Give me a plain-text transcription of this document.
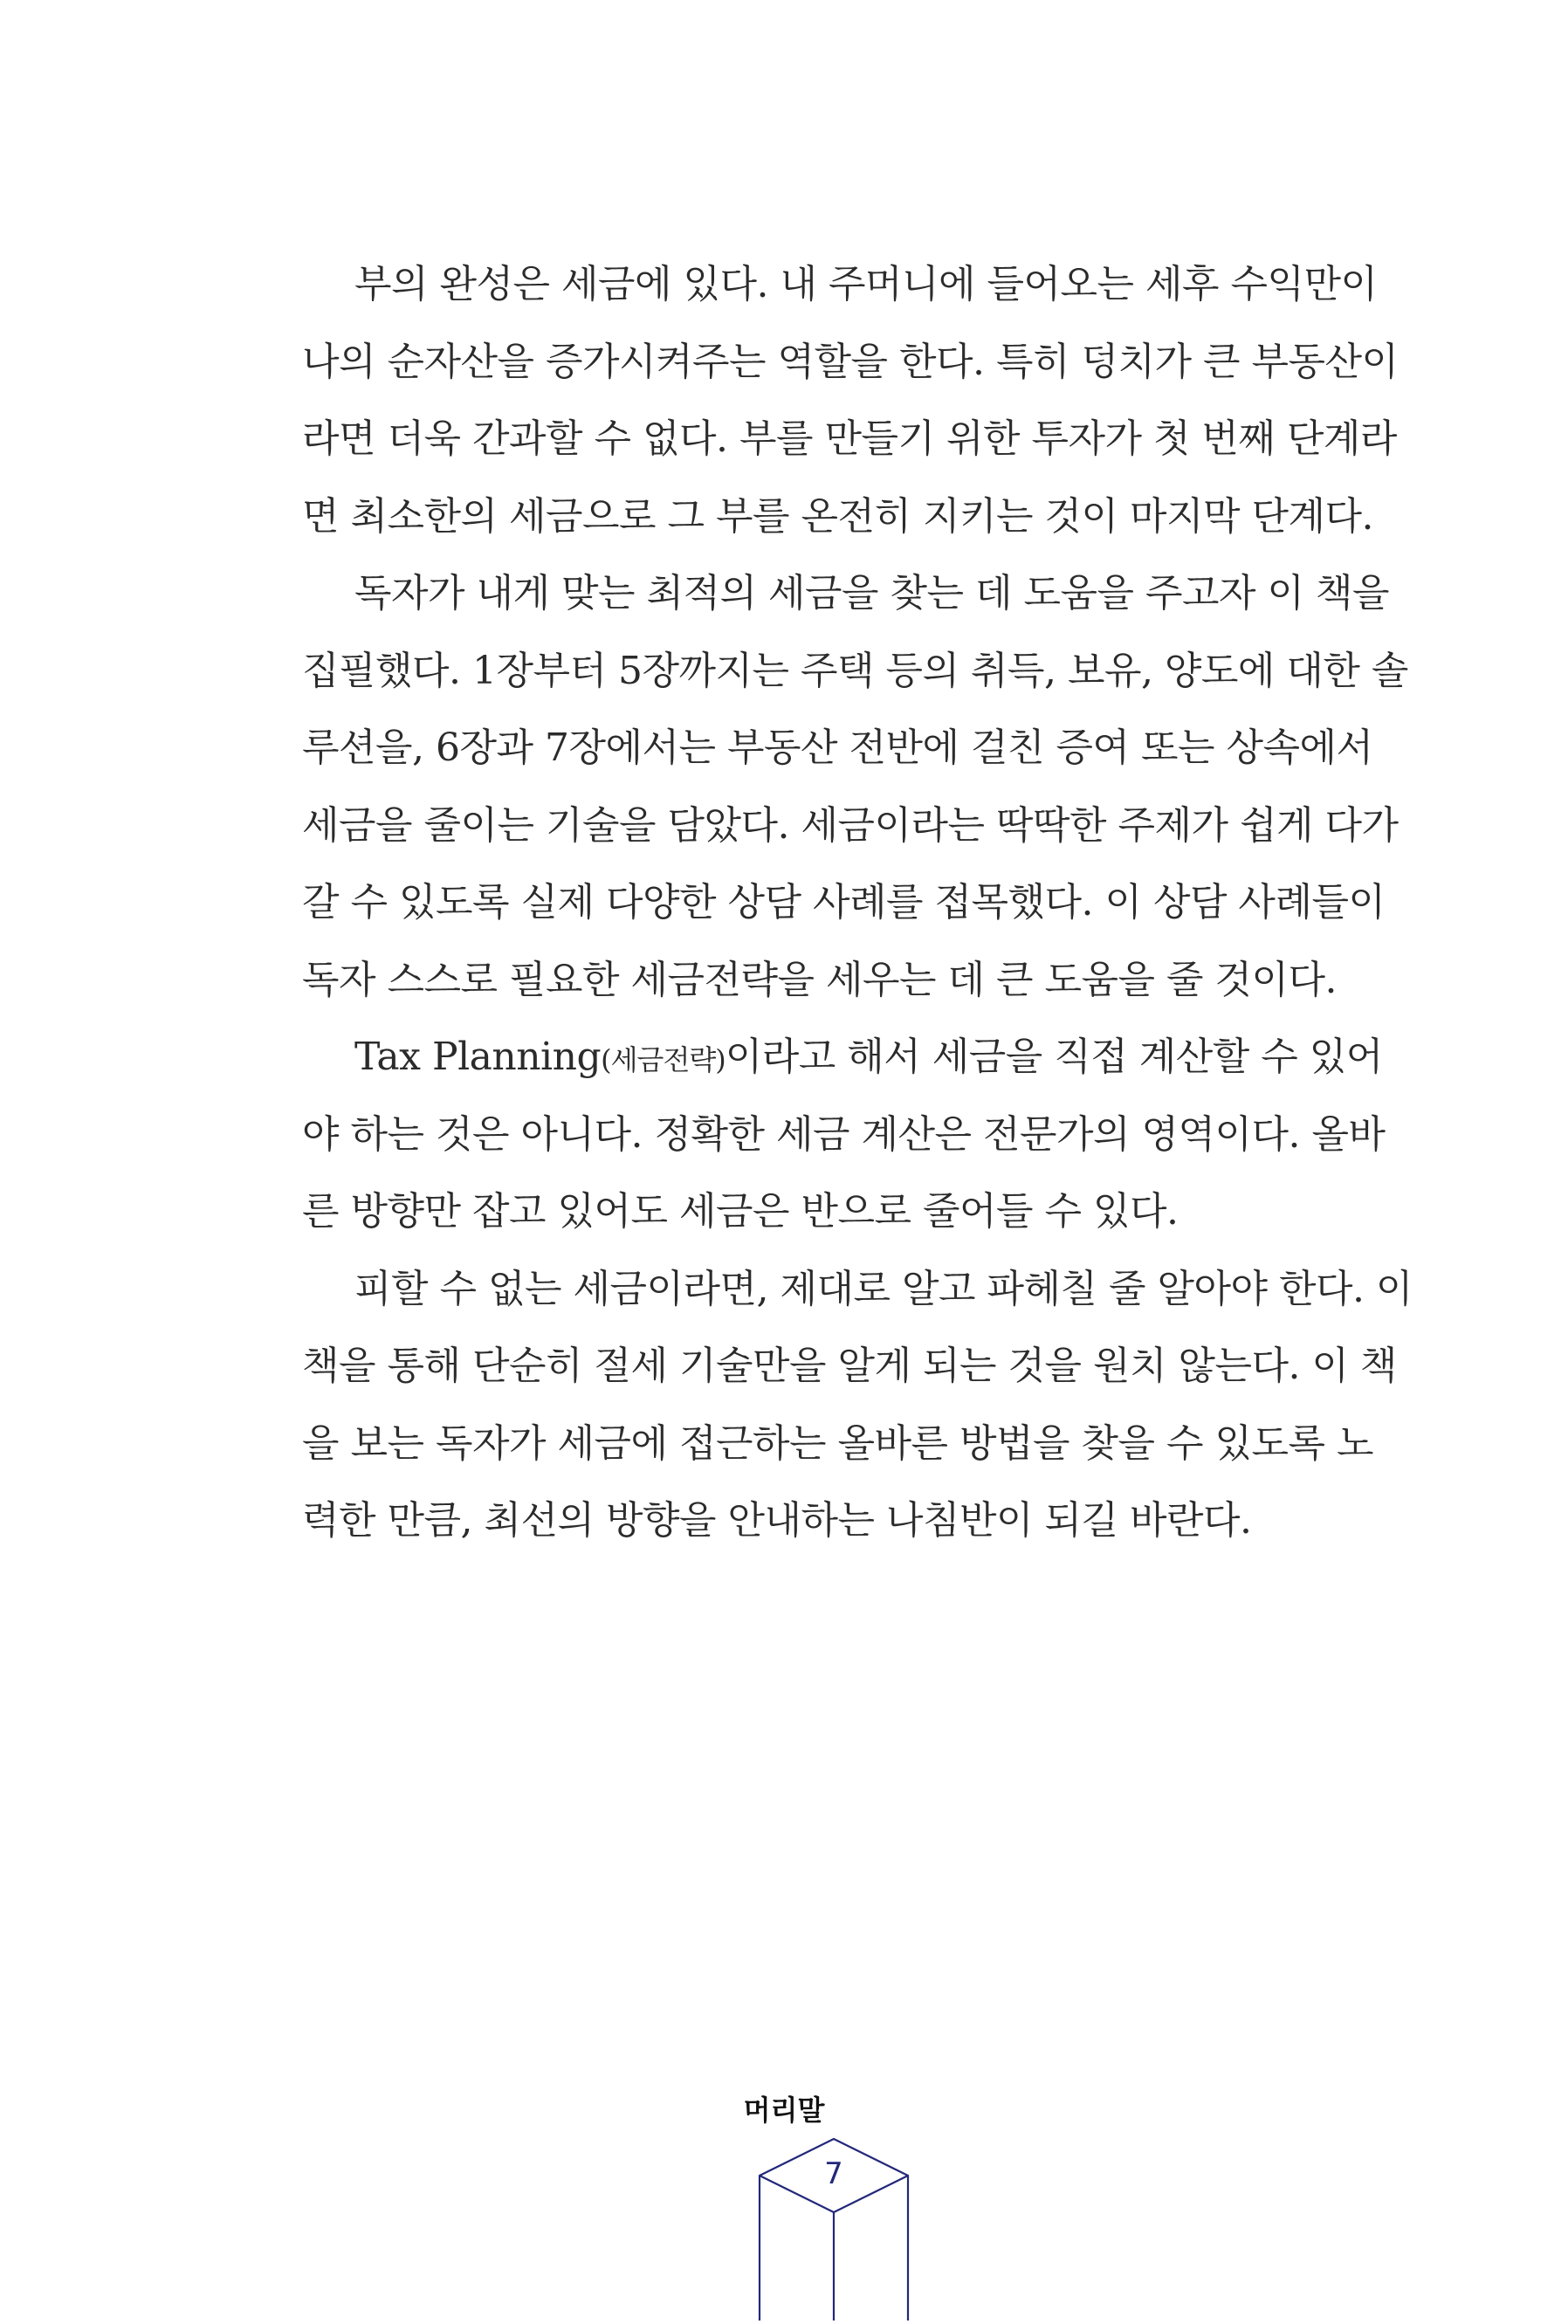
부의 완성은 세금에 있다. 내 주머니에 들어오는 세후 수익만이
나의 순자산을 증가시켜주는 역할을 한다. 특히 덩치가 큰 부동산이
라면 더욱 간과할 수 없다. 부를 만들기 위한 투자가 첫 번째 단계라
면 최소한의 세금으로 그 부를 온전히 지키는 것이 마지막 단계다.
독자가 내게 맞는 최적의 세금을 찾는 데 도움을 주고자 이 책을
집필했다. 1장부터 5장까지는 주택 등의 취득, 보유, 양도에 대한 솔
루션을, 6장과 7장에서는 부동산 전반에 걸친 증여 또는 상속에서
세금을 줄이는 기술을 담았다. 세금이라는 딱딱한 주제가 쉽게 다가
갈 수 있도록 실제 다양한 상담 사례를 접목했다. 이 상담 사례들이
독자 스스로 필요한 세금전략을 세우는 데 큰 도움을 줄 것이다.
Tax Planning(세금전략)이라고 해서 세금을 직접 계산할 수 있어
야 하는 것은 아니다. 정확한 세금 계산은 전문가의 영역이다. 올바
른 방향만 잡고 있어도 세금은 반으로 줄어들 수 있다.
피할 수 없는 세금이라면, 제대로 알고 파헤칠 줄 알아야 한다. 이
책을 통해 단순히 절세 기술만을 알게 되는 것을 원치 않는다. 이 책
을 보는 독자가 세금에 접근하는 올바른 방법을 찾을 수 있도록 노
력한 만큼, 최선의 방향을 안내하는 나침반이 되길 바란다.
머리말
7
